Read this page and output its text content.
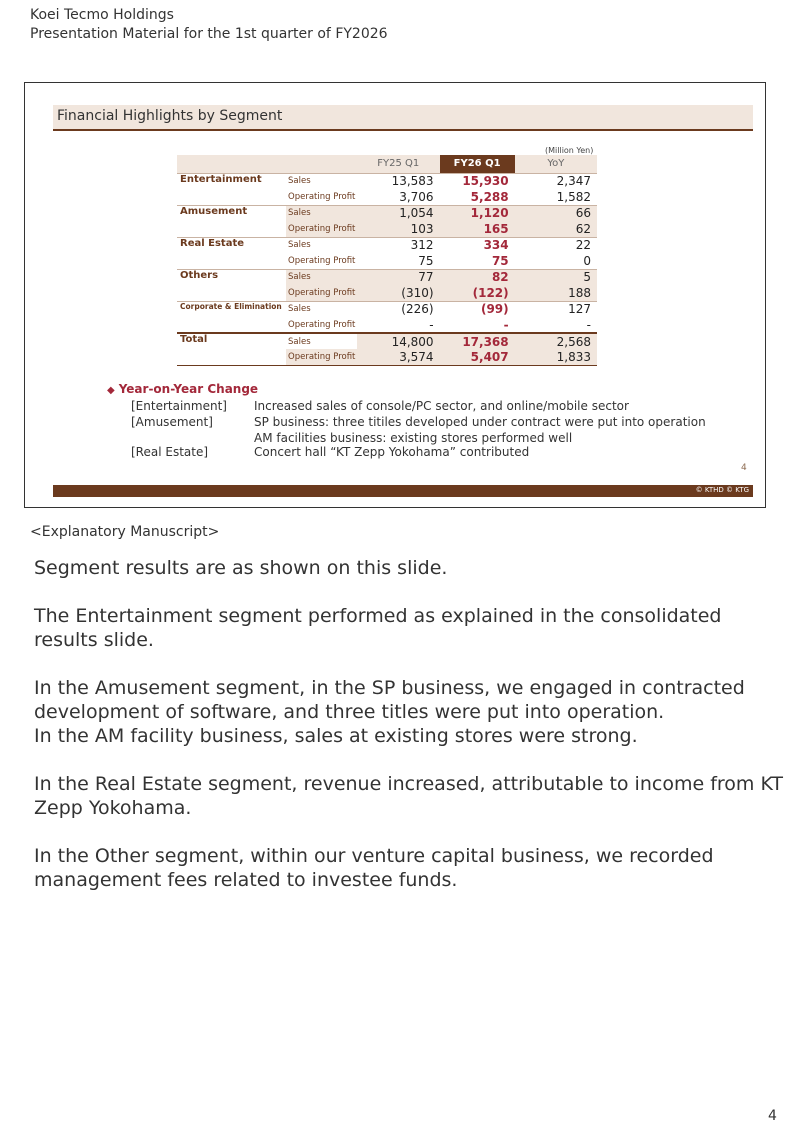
Koei Tecmo Holdings
Presentation Material for the 1st quarter of FY2026
Financial Highlights by Segment
(Million Yen)
		FY25 Q1	FY26 Q1	YoY
Entertainment	Sales	13,583	15,930	2,347
	Operating Profit	3,706	5,288	1,582
Amusement	Sales	1,054	1,120	66
	Operating Profit	103	165	62
Real Estate	Sales	312	334	22
	Operating Profit	75	75	0
Others	Sales	77	82	5
	Operating Profit	(310)	(122)	188
Corporate & Elimination	Sales	(226)	(99)	127
	Operating Profit	-	-	-
Total	Sales	14,800	17,368	2,568
	Operating Profit	3,574	5,407	1,833
◆ Year-on-Year Change
[Entertainment] Increased sales of console/PC sector, and online/mobile sector
[Amusement]	SP business: three titiles developed under contract were put into operation
AM facilities business: existing stores performed well
[Real Estate]	Concert hall “KT Zepp Yokohama” contributed
4
© KTHD © KTG
<Explanatory Manuscript>

Segment results are as shown on this slide.

The Entertainment segment performed as explained in the consolidated results slide.

In the Amusement segment, in the SP business, we engaged in contracted development of software, and three titles were put into operation.
In the AM facility business, sales at existing stores were strong.

In the Real Estate segment, revenue increased, attributable to income from KT Zepp Yokohama.

In the Other segment, within our venture capital business, we recorded management fees related to investee funds.

4
